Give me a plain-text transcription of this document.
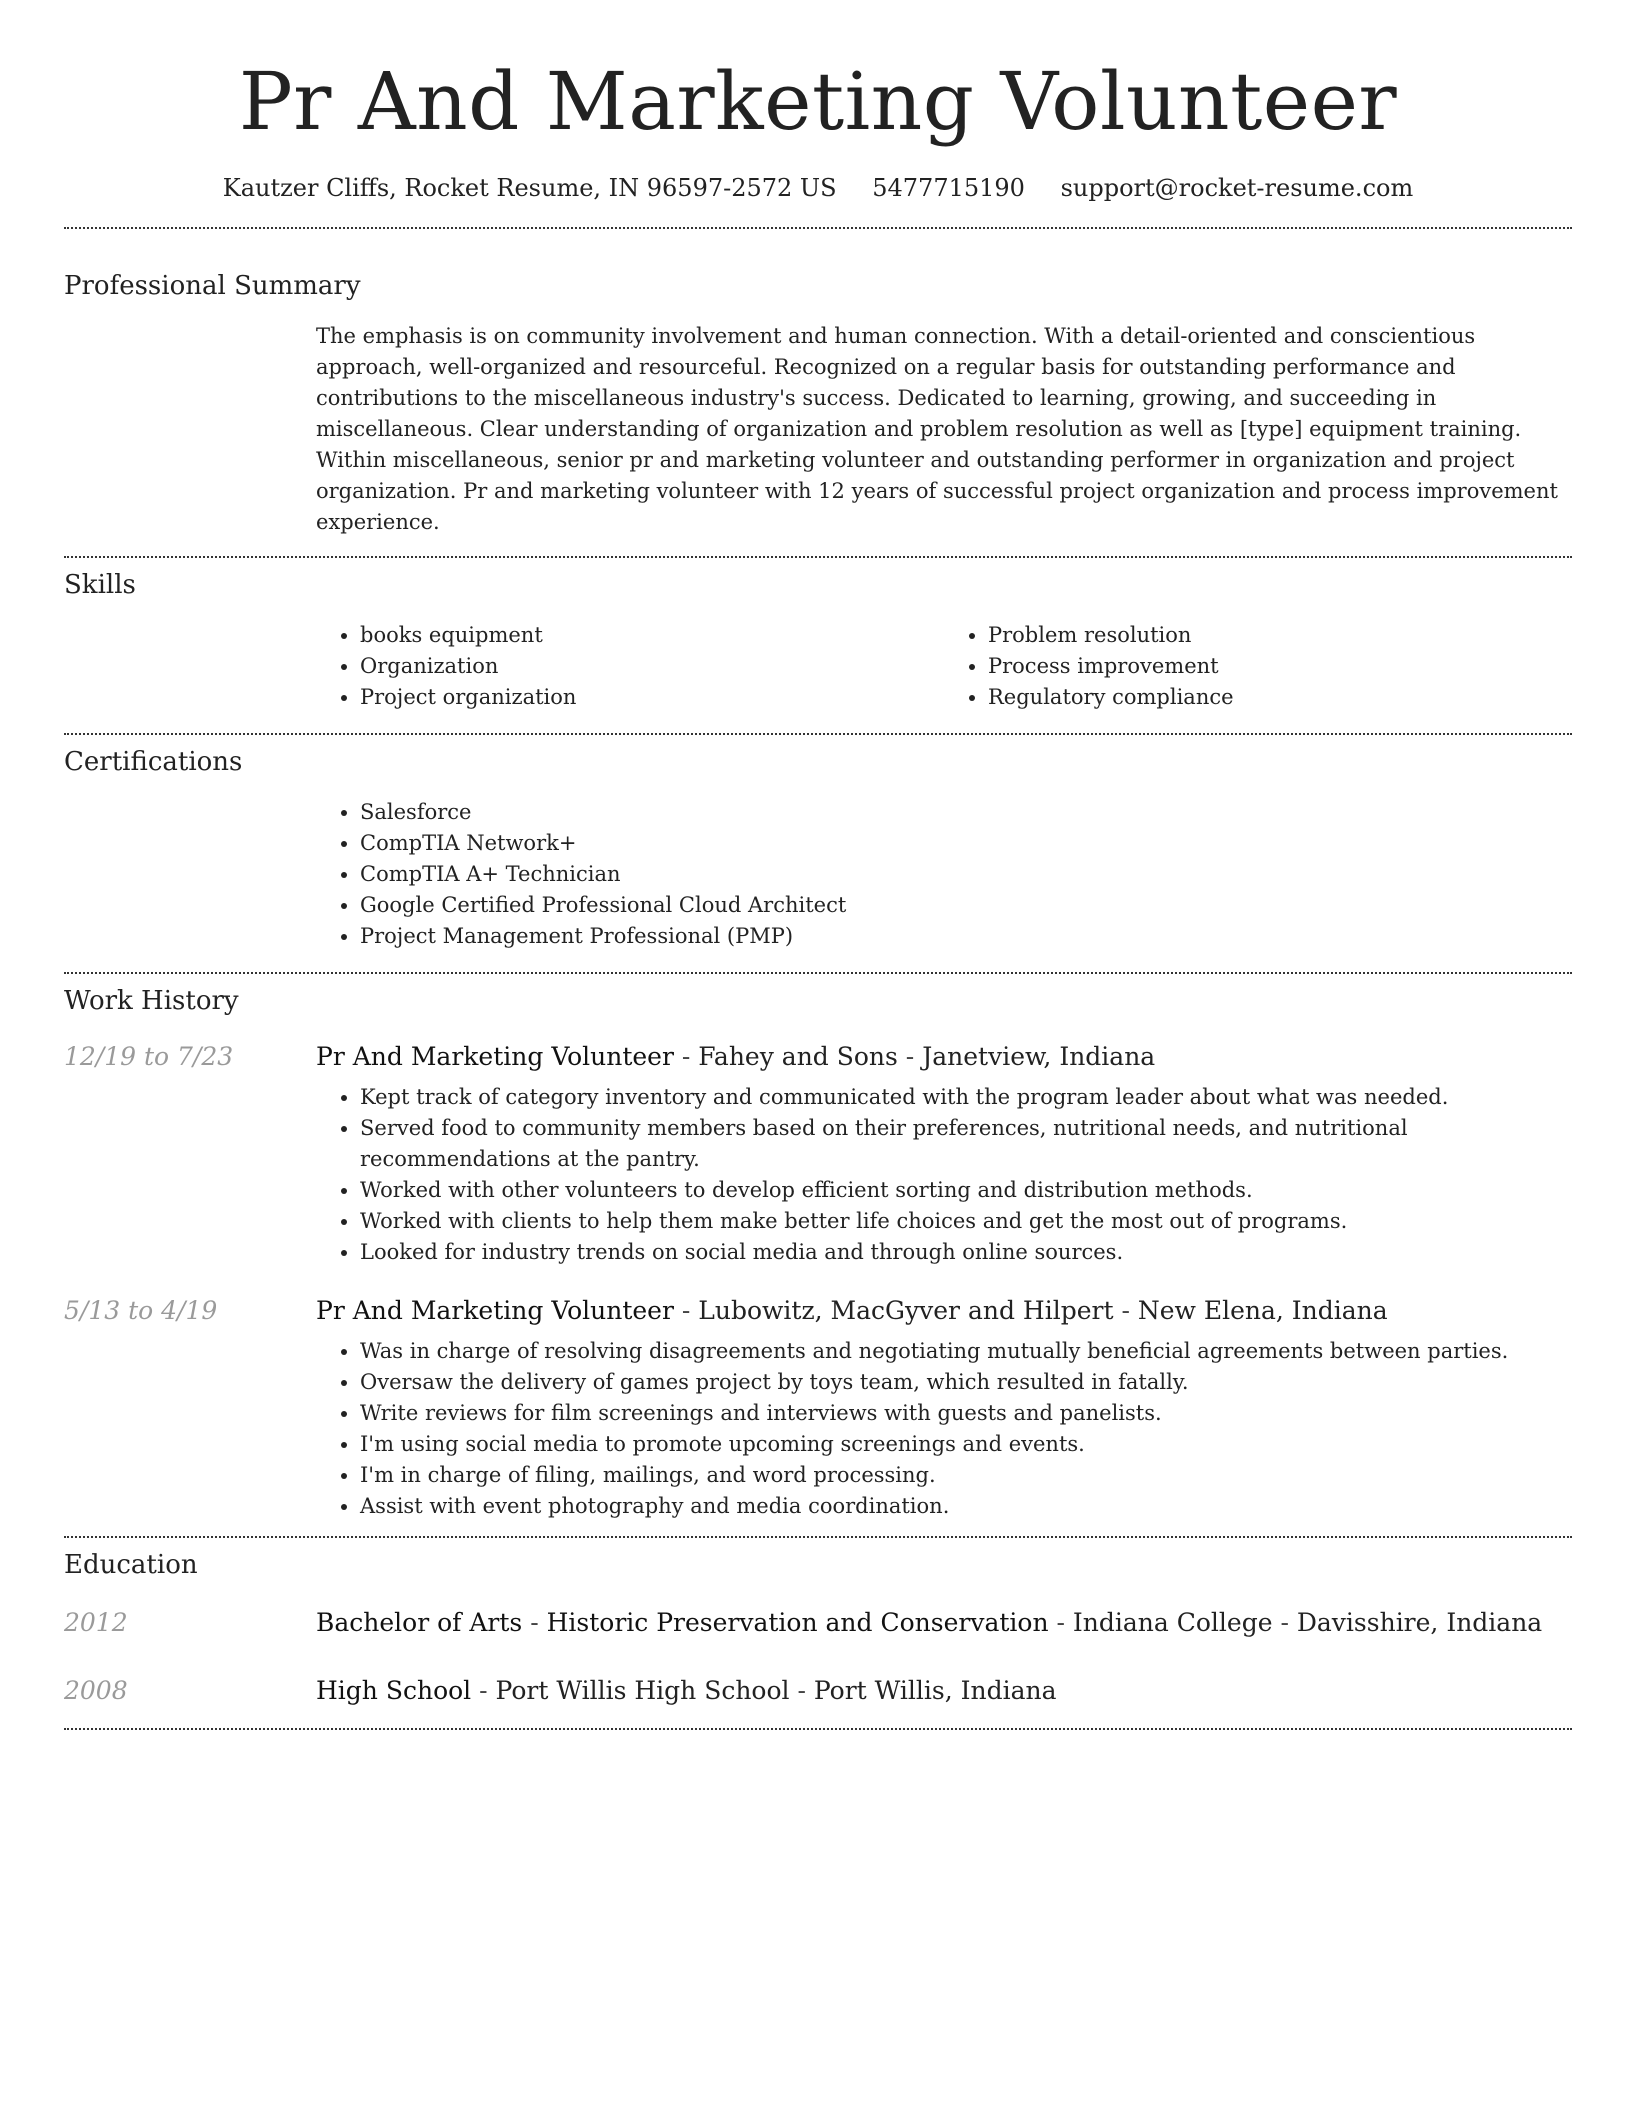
Pr And Marketing Volunteer
Kautzer Cliffs, Rocket Resume, IN 96597-2572 US 5477715190 support@rocket-resume.com
Professional Summary

The emphasis is on community involvement and human connection. With a detail-oriented and conscientious approach, well-organized and resourceful. Recognized on a regular basis for outstanding performance and contributions to the miscellaneous industry's success. Dedicated to learning, growing, and succeeding in miscellaneous. Clear understanding of organization and problem resolution as well as [type] equipment training. Within miscellaneous, senior pr and marketing volunteer and outstanding performer in organization and project organization. Pr and marketing volunteer with 12 years of successful project organization and process improvement experience.

Skills
• books equipment
• Organization
• Project organization
• Problem resolution
• Process improvement
• Regulatory compliance
Certifications
• Salesforce
• CompTIA Network+
• CompTIA A+ Technician
• Google Certified Professional Cloud Architect
• Project Management Professional (PMP)
Work History
12/19 to 7/23	Pr And Marketing Volunteer - Fahey and Sons - Janetview, Indiana
• Kept track of category inventory and communicated with the program leader about what was needed.
• Served food to community members based on their preferences, nutritional needs, and nutritional recommendations at the pantry.
• Worked with other volunteers to develop efficient sorting and distribution methods.
• Worked with clients to help them make better life choices and get the most out of programs.
• Looked for industry trends on social media and through online sources.
5/13 to 4/19	Pr And Marketing Volunteer - Lubowitz, MacGyver and Hilpert - New Elena, Indiana
• Was in charge of resolving disagreements and negotiating mutually beneficial agreements between parties.
• Oversaw the delivery of games project by toys team, which resulted in fatally.
• Write reviews for film screenings and interviews with guests and panelists.
• I'm using social media to promote upcoming screenings and events.
• I'm in charge of filing, mailings, and word processing.
• Assist with event photography and media coordination.
Education
2012	Bachelor of Arts - Historic Preservation and Conservation - Indiana College - Davisshire, Indiana
2008	High School - Port Willis High School - Port Willis, Indiana
